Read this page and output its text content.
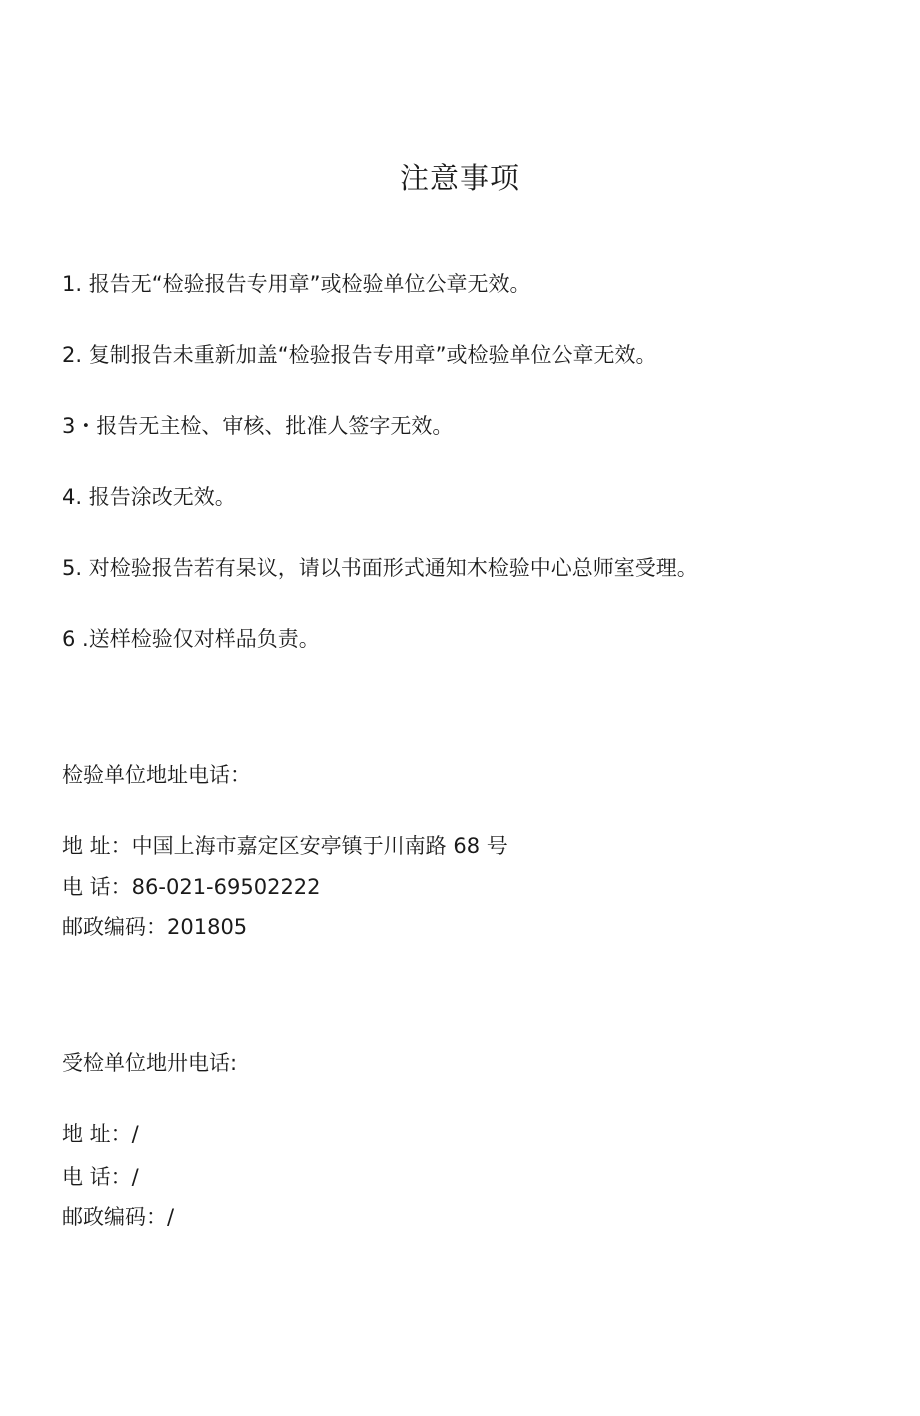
注意事项
1. 报告无“检验报告专用章”或检验单位公章无效。
2. 复制报告未重新加盖“检验报告专用章”或检验单位公章无效。
3・报告无主检、审核、批准人签字无效。
4. 报告涂改无效。
5. 对检验报告若有杲议，请以书面形式通知木检验中心总师室受理。
6 .送样检验仅对样品负责。
检验单位地址电话：
地 址：中国上海市嘉定区安亭镇于川南路 68 号
电 话：86-021-69502222
邮政编码：201805
受检单位地卅电话:
地 址：/
电 话：/
邮政编码：/
